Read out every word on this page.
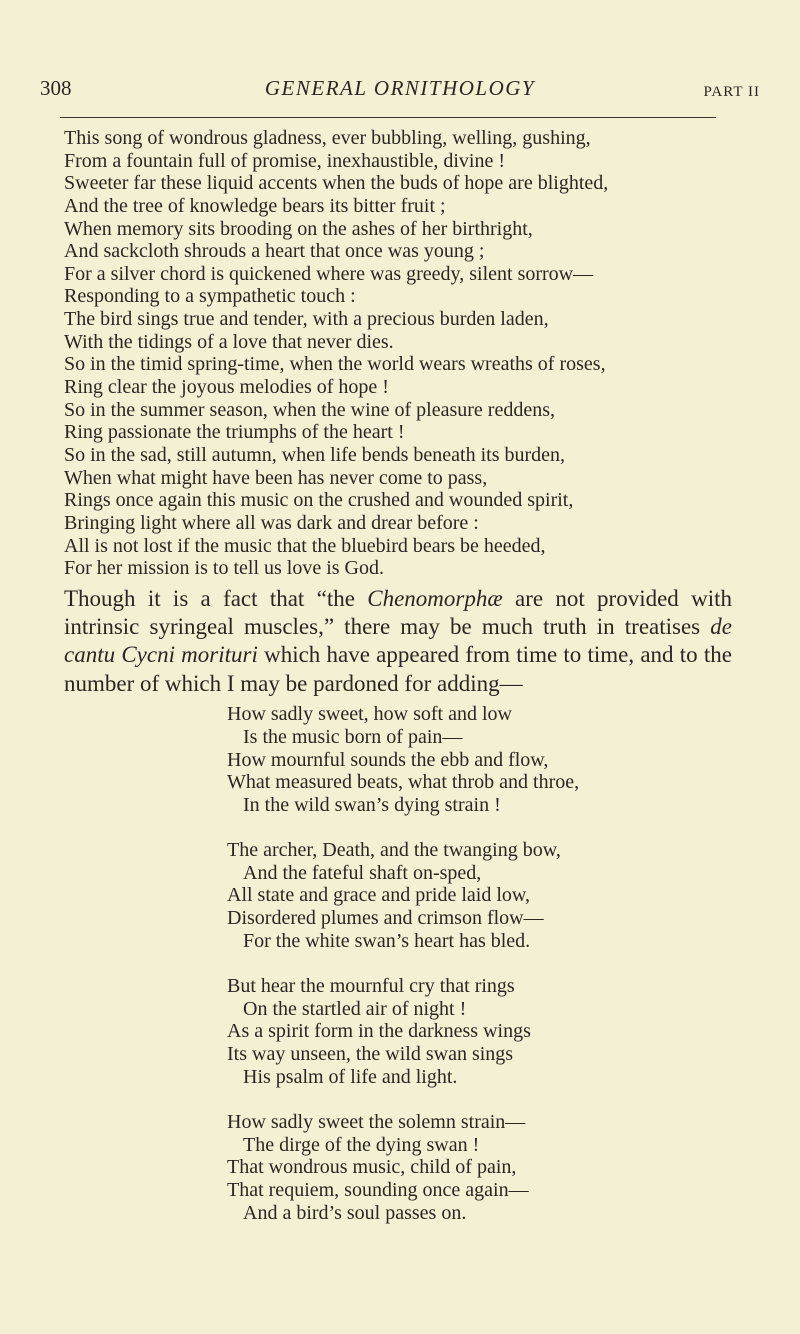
308	GENERAL ORNITHOLOGY	PART II
This song of wondrous gladness, ever bubbling, welling, gushing,
From a fountain full of promise, inexhaustible, divine !
Sweeter far these liquid accents when the buds of hope are blighted,
And the tree of knowledge bears its bitter fruit ;
When memory sits brooding on the ashes of her birthright,
And sackcloth shrouds a heart that once was young ;
For a silver chord is quickened where was greedy, silent sorrow—
Responding to a sympathetic touch :
The bird sings true and tender, with a precious burden laden,
With the tidings of a love that never dies.
So in the timid spring-time, when the world wears wreaths of roses,
Ring clear the joyous melodies of hope !
So in the summer season, when the wine of pleasure reddens,
Ring passionate the triumphs of the heart !
So in the sad, still autumn, when life bends beneath its burden,
When what might have been has never come to pass,
Rings once again this music on the crushed and wounded spirit,
Bringing light where all was dark and drear before :
All is not lost if the music that the bluebird bears be heeded,
For her mission is to tell us love is God.

Though it is a fact that “the Chenomorphæ are not provided with intrinsic syringeal muscles,” there may be much truth in treatises de cantu Cycni morituri which have appeared from time to time, and to the number of which I may be pardoned for adding—

How sadly sweet, how soft and low
Is the music born of pain—
How mournful sounds the ebb and flow,
What measured beats, what throb and throe,
In the wild swan’s dying strain !
The archer, Death, and the twanging bow,
And the fateful shaft on-sped,
All state and grace and pride laid low,
Disordered plumes and crimson flow—
For the white swan’s heart has bled.
But hear the mournful cry that rings
On the startled air of night !
As a spirit form in the darkness wings
Its way unseen, the wild swan sings
His psalm of life and light.
How sadly sweet the solemn strain—
The dirge of the dying swan !
That wondrous music, child of pain,
That requiem, sounding once again—
And a bird’s soul passes on.
